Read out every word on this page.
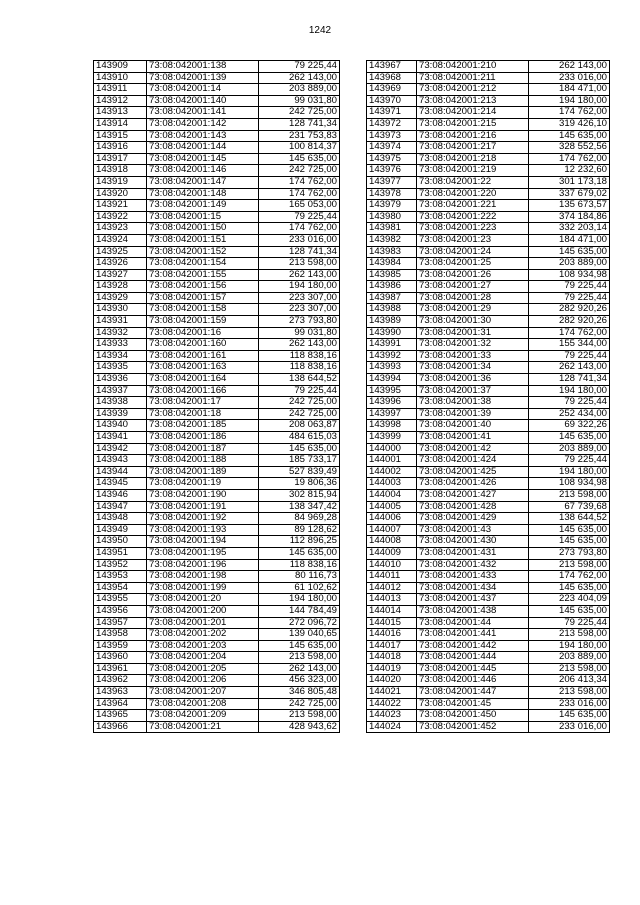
1242
143909	73:08:042001:138	79 225,44
143910	73:08:042001:139	262 143,00
143911	73:08:042001:14	203 889,00
143912	73:08:042001:140	99 031,80
143913	73:08:042001:141	242 725,00
143914	73:08:042001:142	128 741,34
143915	73:08:042001:143	231 753,83
143916	73:08:042001:144	100 814,37
143917	73:08:042001:145	145 635,00
143918	73:08:042001:146	242 725,00
143919	73:08:042001:147	174 762,00
143920	73:08:042001:148	174 762,00
143921	73:08:042001:149	165 053,00
143922	73:08:042001:15	79 225,44
143923	73:08:042001:150	174 762,00
143924	73:08:042001:151	233 016,00
143925	73:08:042001:152	128 741,34
143926	73:08:042001:154	213 598,00
143927	73:08:042001:155	262 143,00
143928	73:08:042001:156	194 180,00
143929	73:08:042001:157	223 307,00
143930	73:08:042001:158	223 307,00
143931	73:08:042001:159	273 793,80
143932	73:08:042001:16	99 031,80
143933	73:08:042001:160	262 143,00
143934	73:08:042001:161	118 838,16
143935	73:08:042001:163	118 838,16
143936	73:08:042001:164	138 644,52
143937	73:08:042001:166	79 225,44
143938	73:08:042001:17	242 725,00
143939	73:08:042001:18	242 725,00
143940	73:08:042001:185	208 063,87
143941	73:08:042001:186	484 615,03
143942	73:08:042001:187	145 635,00
143943	73:08:042001:188	185 733,17
143944	73:08:042001:189	527 839,49
143945	73:08:042001:19	19 806,36
143946	73:08:042001:190	302 815,94
143947	73:08:042001:191	138 347,42
143948	73:08:042001:192	84 969,28
143949	73:08:042001:193	89 128,62
143950	73:08:042001:194	112 896,25
143951	73:08:042001:195	145 635,00
143952	73:08:042001:196	118 838,16
143953	73:08:042001:198	80 116,73
143954	73:08:042001:199	61 102,62
143955	73:08:042001:20	194 180,00
143956	73:08:042001:200	144 784,49
143957	73:08:042001:201	272 096,72
143958	73:08:042001:202	139 040,65
143959	73:08:042001:203	145 635,00
143960	73:08:042001:204	213 598,00
143961	73:08:042001:205	262 143,00
143962	73:08:042001:206	456 323,00
143963	73:08:042001:207	346 805,48
143964	73:08:042001:208	242 725,00
143965	73:08:042001:209	213 598,00
143966	73:08:042001:21	428 943,62
143967	73:08:042001:210	262 143,00
143968	73:08:042001:211	233 016,00
143969	73:08:042001:212	184 471,00
143970	73:08:042001:213	194 180,00
143971	73:08:042001:214	174 762,00
143972	73:08:042001:215	319 426,10
143973	73:08:042001:216	145 635,00
143974	73:08:042001:217	328 552,56
143975	73:08:042001:218	174 762,00
143976	73:08:042001:219	12 232,60
143977	73:08:042001:22	301 173,18
143978	73:08:042001:220	337 679,02
143979	73:08:042001:221	135 673,57
143980	73:08:042001:222	374 184,86
143981	73:08:042001:223	332 203,14
143982	73:08:042001:23	184 471,00
143983	73:08:042001:24	145 635,00
143984	73:08:042001:25	203 889,00
143985	73:08:042001:26	108 934,98
143986	73:08:042001:27	79 225,44
143987	73:08:042001:28	79 225,44
143988	73:08:042001:29	282 920,26
143989	73:08:042001:30	282 920,26
143990	73:08:042001:31	174 762,00
143991	73:08:042001:32	155 344,00
143992	73:08:042001:33	79 225,44
143993	73:08:042001:34	262 143,00
143994	73:08:042001:36	128 741,34
143995	73:08:042001:37	194 180,00
143996	73:08:042001:38	79 225,44
143997	73:08:042001:39	252 434,00
143998	73:08:042001:40	69 322,26
143999	73:08:042001:41	145 635,00
144000	73:08:042001:42	203 889,00
144001	73:08:042001:424	79 225,44
144002	73:08:042001:425	194 180,00
144003	73:08:042001:426	108 934,98
144004	73:08:042001:427	213 598,00
144005	73:08:042001:428	67 739,68
144006	73:08:042001:429	138 644,52
144007	73:08:042001:43	145 635,00
144008	73:08:042001:430	145 635,00
144009	73:08:042001:431	273 793,80
144010	73:08:042001:432	213 598,00
144011	73:08:042001:433	174 762,00
144012	73:08:042001:434	145 635,00
144013	73:08:042001:437	223 404,09
144014	73:08:042001:438	145 635,00
144015	73:08:042001:44	79 225,44
144016	73:08:042001:441	213 598,00
144017	73:08:042001:442	194 180,00
144018	73:08:042001:444	203 889,00
144019	73:08:042001:445	213 598,00
144020	73:08:042001:446	206 413,34
144021	73:08:042001:447	213 598,00
144022	73:08:042001:45	233 016,00
144023	73:08:042001:450	145 635,00
144024	73:08:042001:452	233 016,00
